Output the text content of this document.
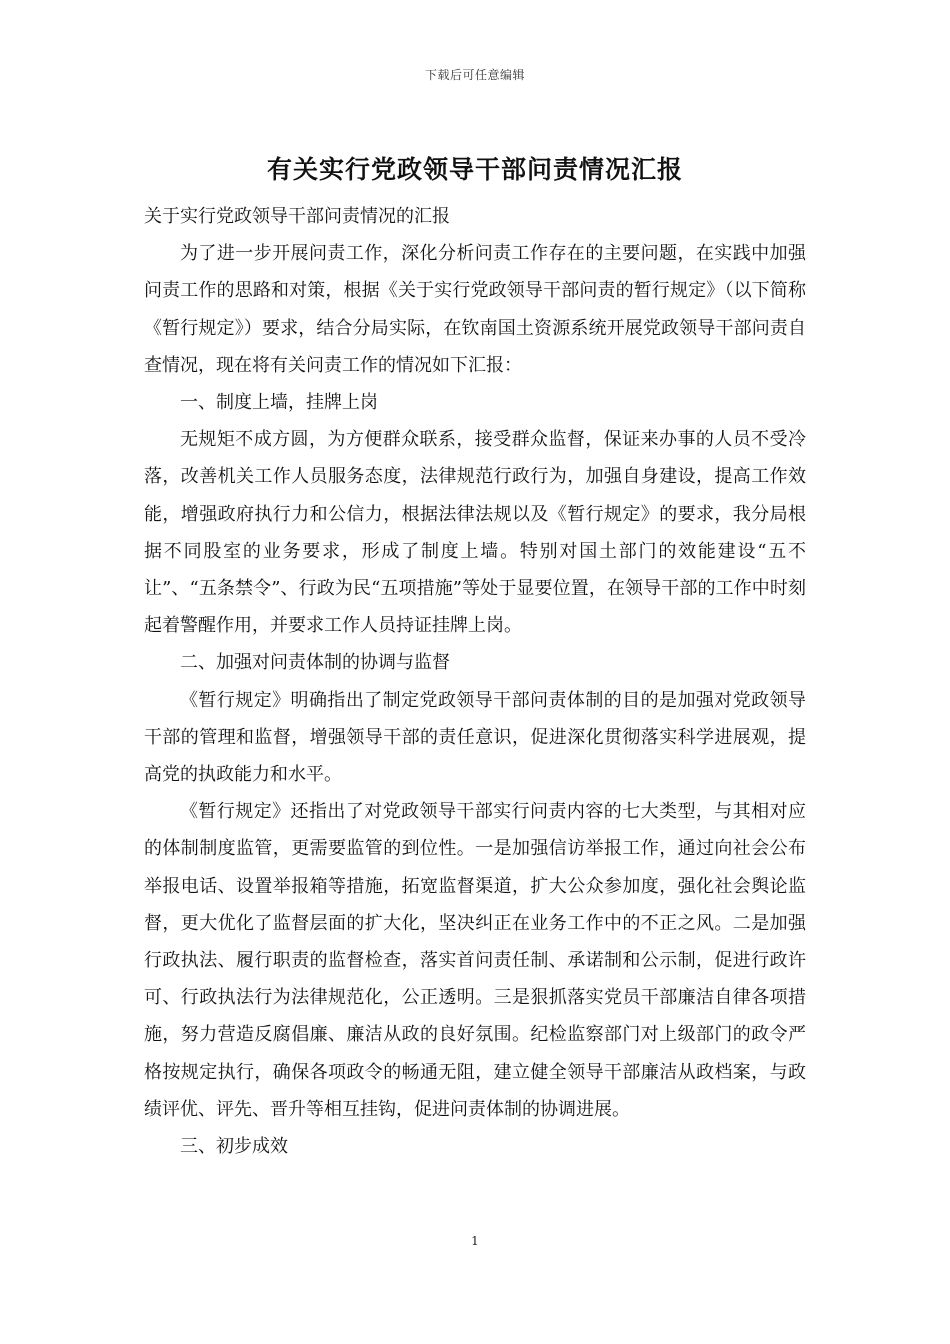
下载后可任意编辑
有关实行党政领导干部问责情况汇报

关于实行党政领导干部问责情况的汇报

为了进一步开展问责工作，深化分析问责工作存在的主要问题，在实践中加强问责工作的思路和对策，根据《关于实行党政领导干部问责的暂行规定》（以下简称《暂行规定》）要求，结合分局实际，在钦南国土资源系统开展党政领导干部问责自查情况，现在将有关问责工作的情况如下汇报：

一、制度上墙，挂牌上岗

无规矩不成方圆，为方便群众联系，接受群众监督，保证来办事的人员不受冷落，改善机关工作人员服务态度，法律规范行政行为，加强自身建设，提高工作效能，增强政府执行力和公信力，根据法律法规以及《暂行规定》的要求，我分局根据不同股室的业务要求，形成了制度上墙。特别对国土部门的效能建设“五不让”、“五条禁令”、行政为民“五项措施”等处于显要位置，在领导干部的工作中时刻起着警醒作用，并要求工作人员持证挂牌上岗。

二、加强对问责体制的协调与监督

《暂行规定》明确指出了制定党政领导干部问责体制的目的是加强对党政领导干部的管理和监督，增强领导干部的责任意识，促进深化贯彻落实科学进展观，提高党的执政能力和水平。

《暂行规定》还指出了对党政领导干部实行问责内容的七大类型，与其相对应的体制制度监管，更需要监管的到位性。一是加强信访举报工作，通过向社会公布举报电话、设置举报箱等措施，拓宽监督渠道，扩大公众参加度，强化社会舆论监督，更大优化了监督层面的扩大化，坚决纠正在业务工作中的不正之风。二是加强行政执法、履行职责的监督检查，落实首问责任制、承诺制和公示制，促进行政许可、行政执法行为法律规范化，公正透明。三是狠抓落实党员干部廉洁自律各项措施，努力营造反腐倡廉、廉洁从政的良好氛围。纪检监察部门对上级部门的政令严格按规定执行，确保各项政令的畅通无阻，建立健全领导干部廉洁从政档案，与政绩评优、评先、晋升等相互挂钩，促进问责体制的协调进展。

三、初步成效

1
